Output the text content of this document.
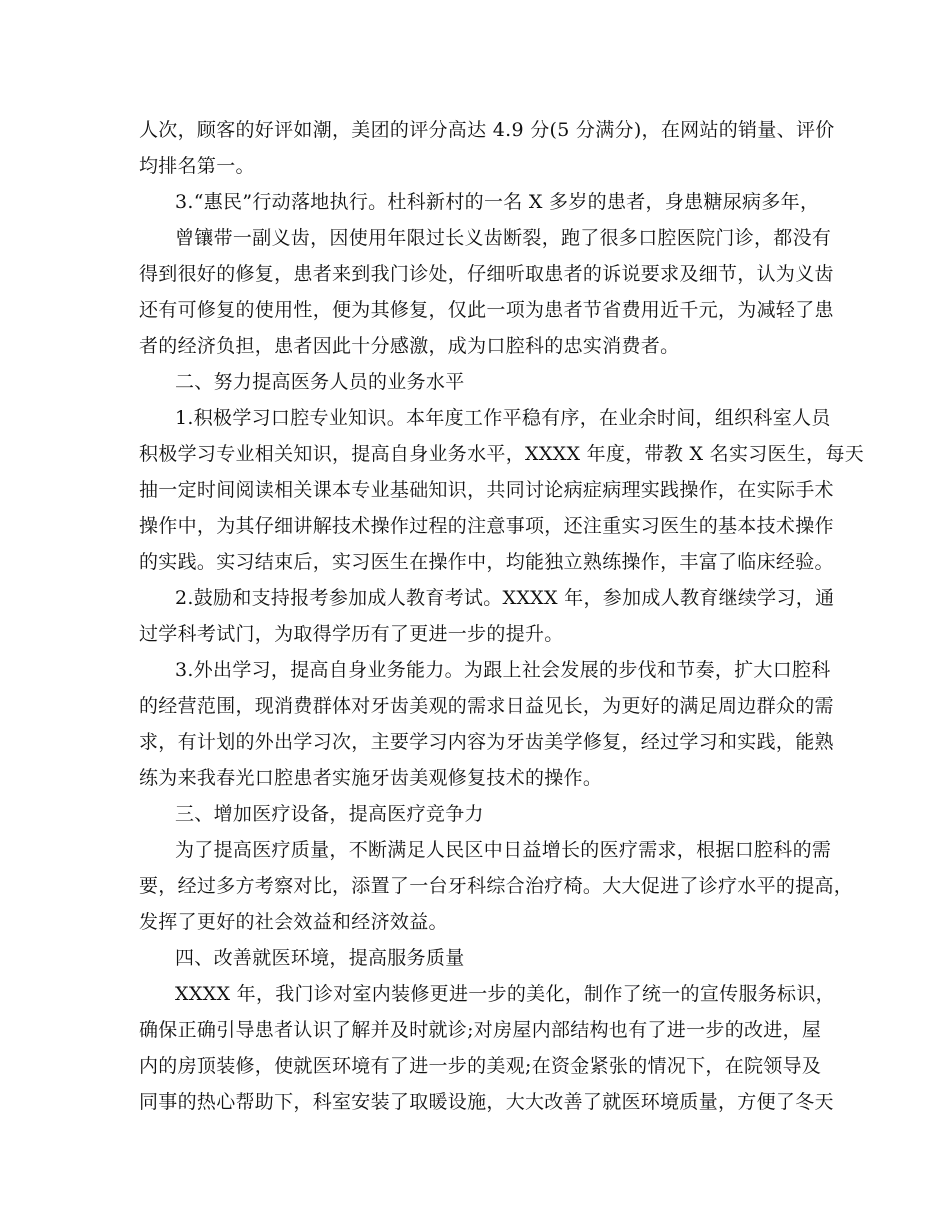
人次，顾客的好评如潮，美团的评分高达 4.9 分(5 分满分)，在网站的销量、评价
均排名第一。
3.“惠民”行动落地执行。杜科新村的一名 X 多岁的患者，身患糖尿病多年，
曾镶带一副义齿，因使用年限过长义齿断裂，跑了很多口腔医院门诊，都没有
得到很好的修复，患者来到我门诊处，仔细听取患者的诉说要求及细节，认为义齿
还有可修复的使用性，便为其修复，仅此一项为患者节省费用近千元，为减轻了患
者的经济负担，患者因此十分感激，成为口腔科的忠实消费者。
二、努力提高医务人员的业务水平
1.积极学习口腔专业知识。本年度工作平稳有序，在业余时间，组织科室人员
积极学习专业相关知识，提高自身业务水平，XXXX 年度，带教 X 名实习医生，每天
抽一定时间阅读相关课本专业基础知识，共同讨论病症病理实践操作，在实际手术
操作中，为其仔细讲解技术操作过程的注意事项，还注重实习医生的基本技术操作
的实践。实习结束后，实习医生在操作中，均能独立熟练操作，丰富了临床经验。
2.鼓励和支持报考参加成人教育考试。XXXX 年，参加成人教育继续学习，通
过学科考试门，为取得学历有了更进一步的提升。
3.外出学习，提高自身业务能力。为跟上社会发展的步伐和节奏，扩大口腔科
的经营范围，现消费群体对牙齿美观的需求日益见长，为更好的满足周边群众的需
求，有计划的外出学习次，主要学习内容为牙齿美学修复，经过学习和实践，能熟
练为来我春光口腔患者实施牙齿美观修复技术的操作。
三、增加医疗设备，提高医疗竞争力
为了提高医疗质量，不断满足人民区中日益增长的医疗需求，根据口腔科的需
要，经过多方考察对比，添置了一台牙科综合治疗椅。大大促进了诊疗水平的提高，
发挥了更好的社会效益和经济效益。
四、改善就医环境，提高服务质量
XXXX 年，我门诊对室内装修更进一步的美化，制作了统一的宣传服务标识，
确保正确引导患者认识了解并及时就诊;对房屋内部结构也有了进一步的改进，屋
内的房顶装修，使就医环境有了进一步的美观;在资金紧张的情况下，在院领导及
同事的热心帮助下，科室安装了取暖设施，大大改善了就医环境质量，方便了冬天
